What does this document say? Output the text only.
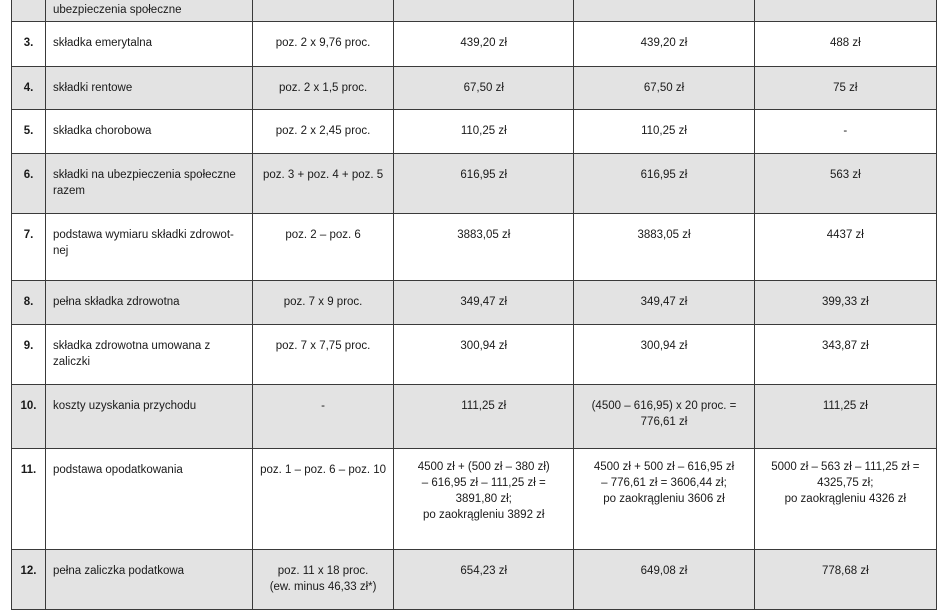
	ubezpieczenia społeczne				

3.	składka emerytalna	poz. 2 x 9,76 proc.	439,20 zł	439,20 zł	488 zł

4.	składki rentowe	poz. 2 x 1,5 proc.	67,50 zł	67,50 zł	75 zł

5.	składka chorobowa	poz. 2 x 2,45 proc.	110,25 zł	110,25 zł	-

6.	składki na ubezpieczenia społeczne
razem	poz. 3 + poz. 4 + poz. 5	616,95 zł	616,95 zł	563 zł

7.	podstawa wymiaru składki zdrowot-
nej	poz. 2 – poz. 6	3883,05 zł	3883,05 zł	4437 zł

8.	pełna składka zdrowotna	poz. 7 x 9 proc.	349,47 zł	349,47 zł	399,33 zł

9.	składka zdrowotna umowana z
zaliczki	poz. 7 x 7,75 proc.	300,94 zł	300,94 zł	343,87 zł

10.	koszty uzyskania przychodu	-	111,25 zł	(4500 – 616,95) x 20 proc. =
776,61 zł	111,25 zł

11.	podstawa opodatkowania	poz. 1 – poz. 6 – poz. 10	4500 zł + (500 zł – 380 zł)
– 616,95 zł – 111,25 zł =
3891,80 zł;
po zaokrągleniu 3892 zł	4500 zł + 500 zł – 616,95 zł
– 776,61 zł = 3606,44 zł;
po zaokrągleniu 3606 zł	5000 zł – 563 zł – 111,25 zł =
4325,75 zł;
po zaokrągleniu 4326 zł

12.	pełna zaliczka podatkowa	poz. 11 x 18 proc.
(ew. minus 46,33 zł*)	654,23 zł	649,08 zł	778,68 zł
